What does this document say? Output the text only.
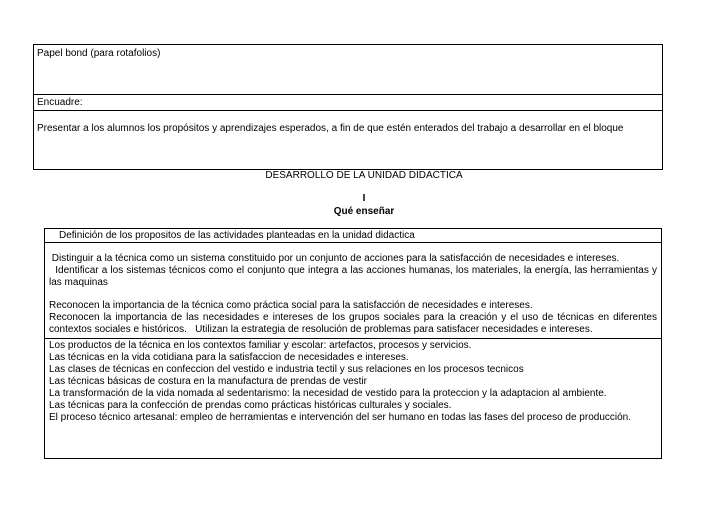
Papel bond (para rotafolios)
Encuadre:
Presentar a los alumnos los propósitos y aprendizajes esperados, a fin de que estén enterados del trabajo a desarrollar en el bloque
DESARROLLO DE LA UNIDAD DIDACTICA
I
Qué enseñar
Definición de los propositos de las actividades planteadas en la unidad didactica
Distinguir a la técnica como un sistema constituido por un conjunto de acciones para la satisfacción de necesidades e intereses.
Identificar a los sistemas técnicos como el conjunto que integra a las acciones humanas, los materiales, la energía, las herramientas y las maquinas
Reconocen la importancia de la técnica como práctica social para la satisfacción de necesidades e intereses.
Reconocen la importancia de las necesidades e intereses de los grupos sociales para la creación y el uso de técnicas en diferentes contextos sociales e históricos.   Utilizan la estrategia de resolución de problemas para satisfacer necesidades e intereses.
Los productos de la técnica en los contextos familiar y escolar: artefactos, procesos y servicios.
Las técnicas en la vida cotidiana para la satisfaccion de necesidades e intereses.
Las clases de técnicas en confeccion del vestido e industria tectil y sus relaciones en los procesos tecnicos
Las técnicas básicas de costura en la manufactura de prendas de vestir
La transformación de la vida nomada al sedentarismo: la necesidad de vestido para la proteccion y la adaptacion al ambiente.
Las técnicas para la confección de prendas como prácticas históricas culturales y sociales.
El proceso técnico artesanal: empleo de herramientas e intervención del ser humano en todas las fases del proceso de producción.
